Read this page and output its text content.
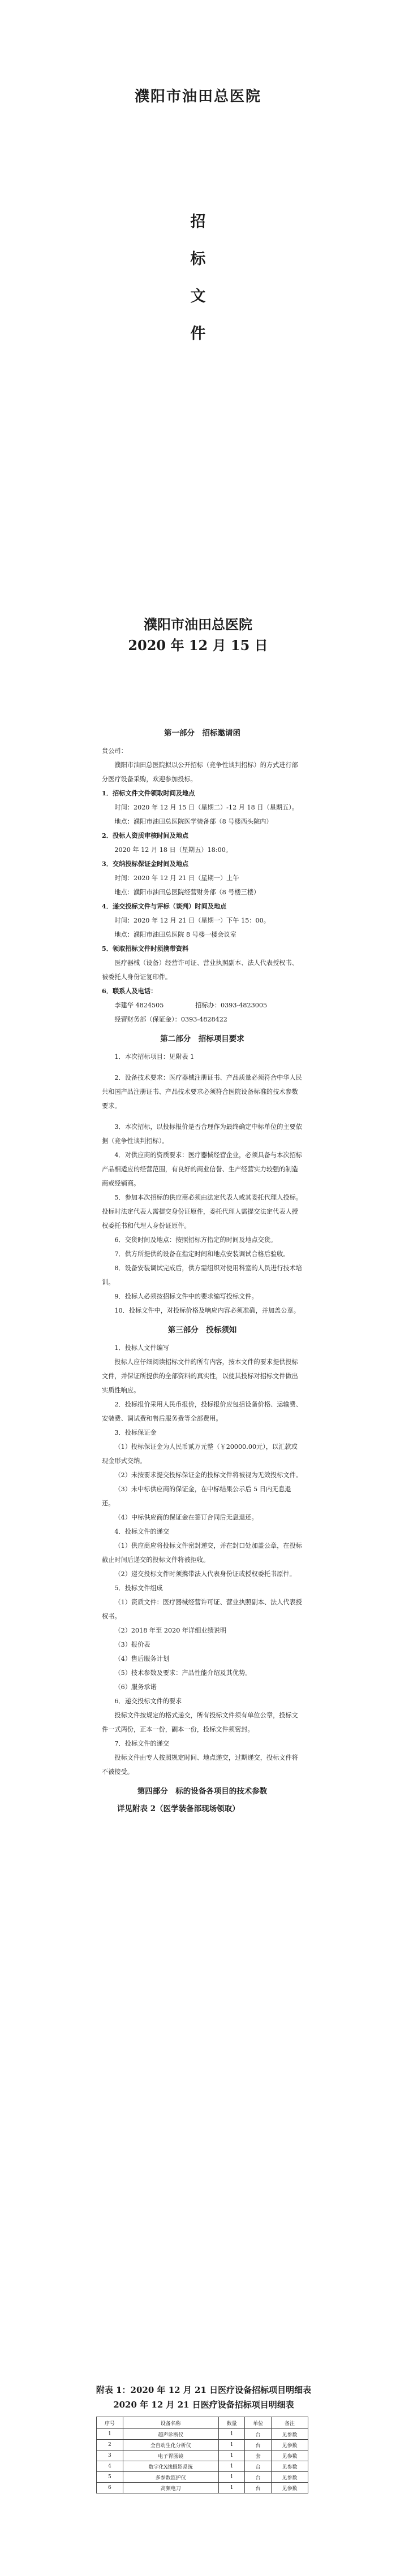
濮阳市油田总医院
招
标
文
件
濮阳市油田总医院
2020 年 12 月 15 日

第一部分　招标邀请函

贵公司：

濮阳市油田总医院拟以公开招标（竞争性谈判招标）的方式进行部分医疗设备采购，欢迎参加投标。

1．招标文件文件领取时间及地点

时间：2020 年 12 月 15 日（星期二）-12 月 18 日（星期五）。

地点：濮阳市油田总医院医学装备部（8 号楼西头院内）

2．投标人资质审核时间及地点

2020 年 12 月 18 日（星期五）18:00。

3．交纳投标保证金时间及地点

时间：2020 年 12 月 21 日（星期一）上午

地点：濮阳市油田总医院经营财务部（8 号楼三楼）

4．递交投标文件与评标（谈判）时间及地点

时间：2020 年 12 月 21 日（星期一）下午 15：00。

地点：濮阳市油田总医院 8 号楼一楼会议室

5．领取招标文件时须携带资料

医疗器械（设备）经营许可证、营业执照副本、法人代表授权书、被委托人身份证复印件。

6．联系人及电话：

李建华 4824505　　　　　招标办：0393-4823005

经营财务部（保证金）：0393-4828422

第二部分　招标项目要求

1．本次招标项目：见附表 1

2．设备技术要求：医疗器械注册证书、产品质量必须符合中华人民共和国产品注册证书、产品技术要求必须符合医院设备标准的技术参数要求。

3．本次招标，以投标报价是否合理作为最终确定中标单位的主要依据（竞争性谈判招标）。

4．对供应商的资质要求：医疗器械经营企业，必须具备与本次招标产品相适应的经营范围，有良好的商业信誉、生产经营实力较强的制造商或经销商。

5．参加本次招标的供应商必须由法定代表人或其委托代理人投标。投标时法定代表人需提交身份证原件，委托代理人需提交法定代表人授权委托书和代理人身份证原件。

6．交货时间及地点：按照招标方指定的时间及地点交货。

7．供方所提供的设备在指定时间和地点安装调试合格后验收。

8．设备安装调试完成后，供方需组织对使用科室的人员进行技术培训。

9．投标人必须按招标文件中的要求编写投标文件。

10．投标文件中，对投标价格及响应内容必须准确，并加盖公章。

第三部分　投标须知

1．投标人文件编写

投标人应仔细阅读招标文件的所有内容，按本文件的要求提供投标文件，并保证所提供的全部资料的真实性，以使其投标对招标文件做出实质性响应。

2．投标报价采用人民币报价，投标报价应包括设备价格、运输费、安装费、调试费和售后服务费等全部费用。

3．投标保证金

（1）投标保证金为人民币贰万元整（￥20000.00元），以汇款或现金形式交纳。

（2）未按要求提交投标保证金的投标文件将被视为无效投标文件。

（3）未中标供应商的保证金，在中标结果公示后 5 日内无息退还。

（4）中标供应商的保证金在签订合同后无息退还。

4．投标文件的递交

（1）供应商应将投标文件密封递交，并在封口处加盖公章，在投标截止时间后递交的投标文件将被拒收。

（2）递交投标文件时须携带法人代表身份证或授权委托书原件。

5．投标文件组成

（1）资质文件：医疗器械经营许可证、营业执照副本、法人代表授权书。

（2）2018 年至 2020 年详细业绩说明

（3）报价表

（4）售后服务计划

（5）技术参数及要求：产品性能介绍及其优势。

（6）服务承诺

6．递交投标文件的要求

投标文件按规定的格式递交，所有投标文件须有单位公章，投标文件一式两份，正本一份，副本一份，投标文件须密封。

7．投标文件的递交

投标文件由专人按照规定时间、地点递交，过期递交，投标文件将不被接受。

第四部分　标的设备各项目的技术参数

详见附表 2（医学装备部现场领取）

附表 1：2020 年 12 月 21 日医疗设备招标项目明细表

2020 年 12 月 21 日医疗设备招标项目明细表

序号	设备名称	数量	单位	备注
1	超声诊断仪	1	台	见参数
2	全自动生化分析仪	1	台	见参数
3	电子胃肠镜	1	套	见参数
4	数字化X线摄影系统	1	台	见参数
5	多参数监护仪	1	台	见参数
6	高频电刀	1	台	见参数
